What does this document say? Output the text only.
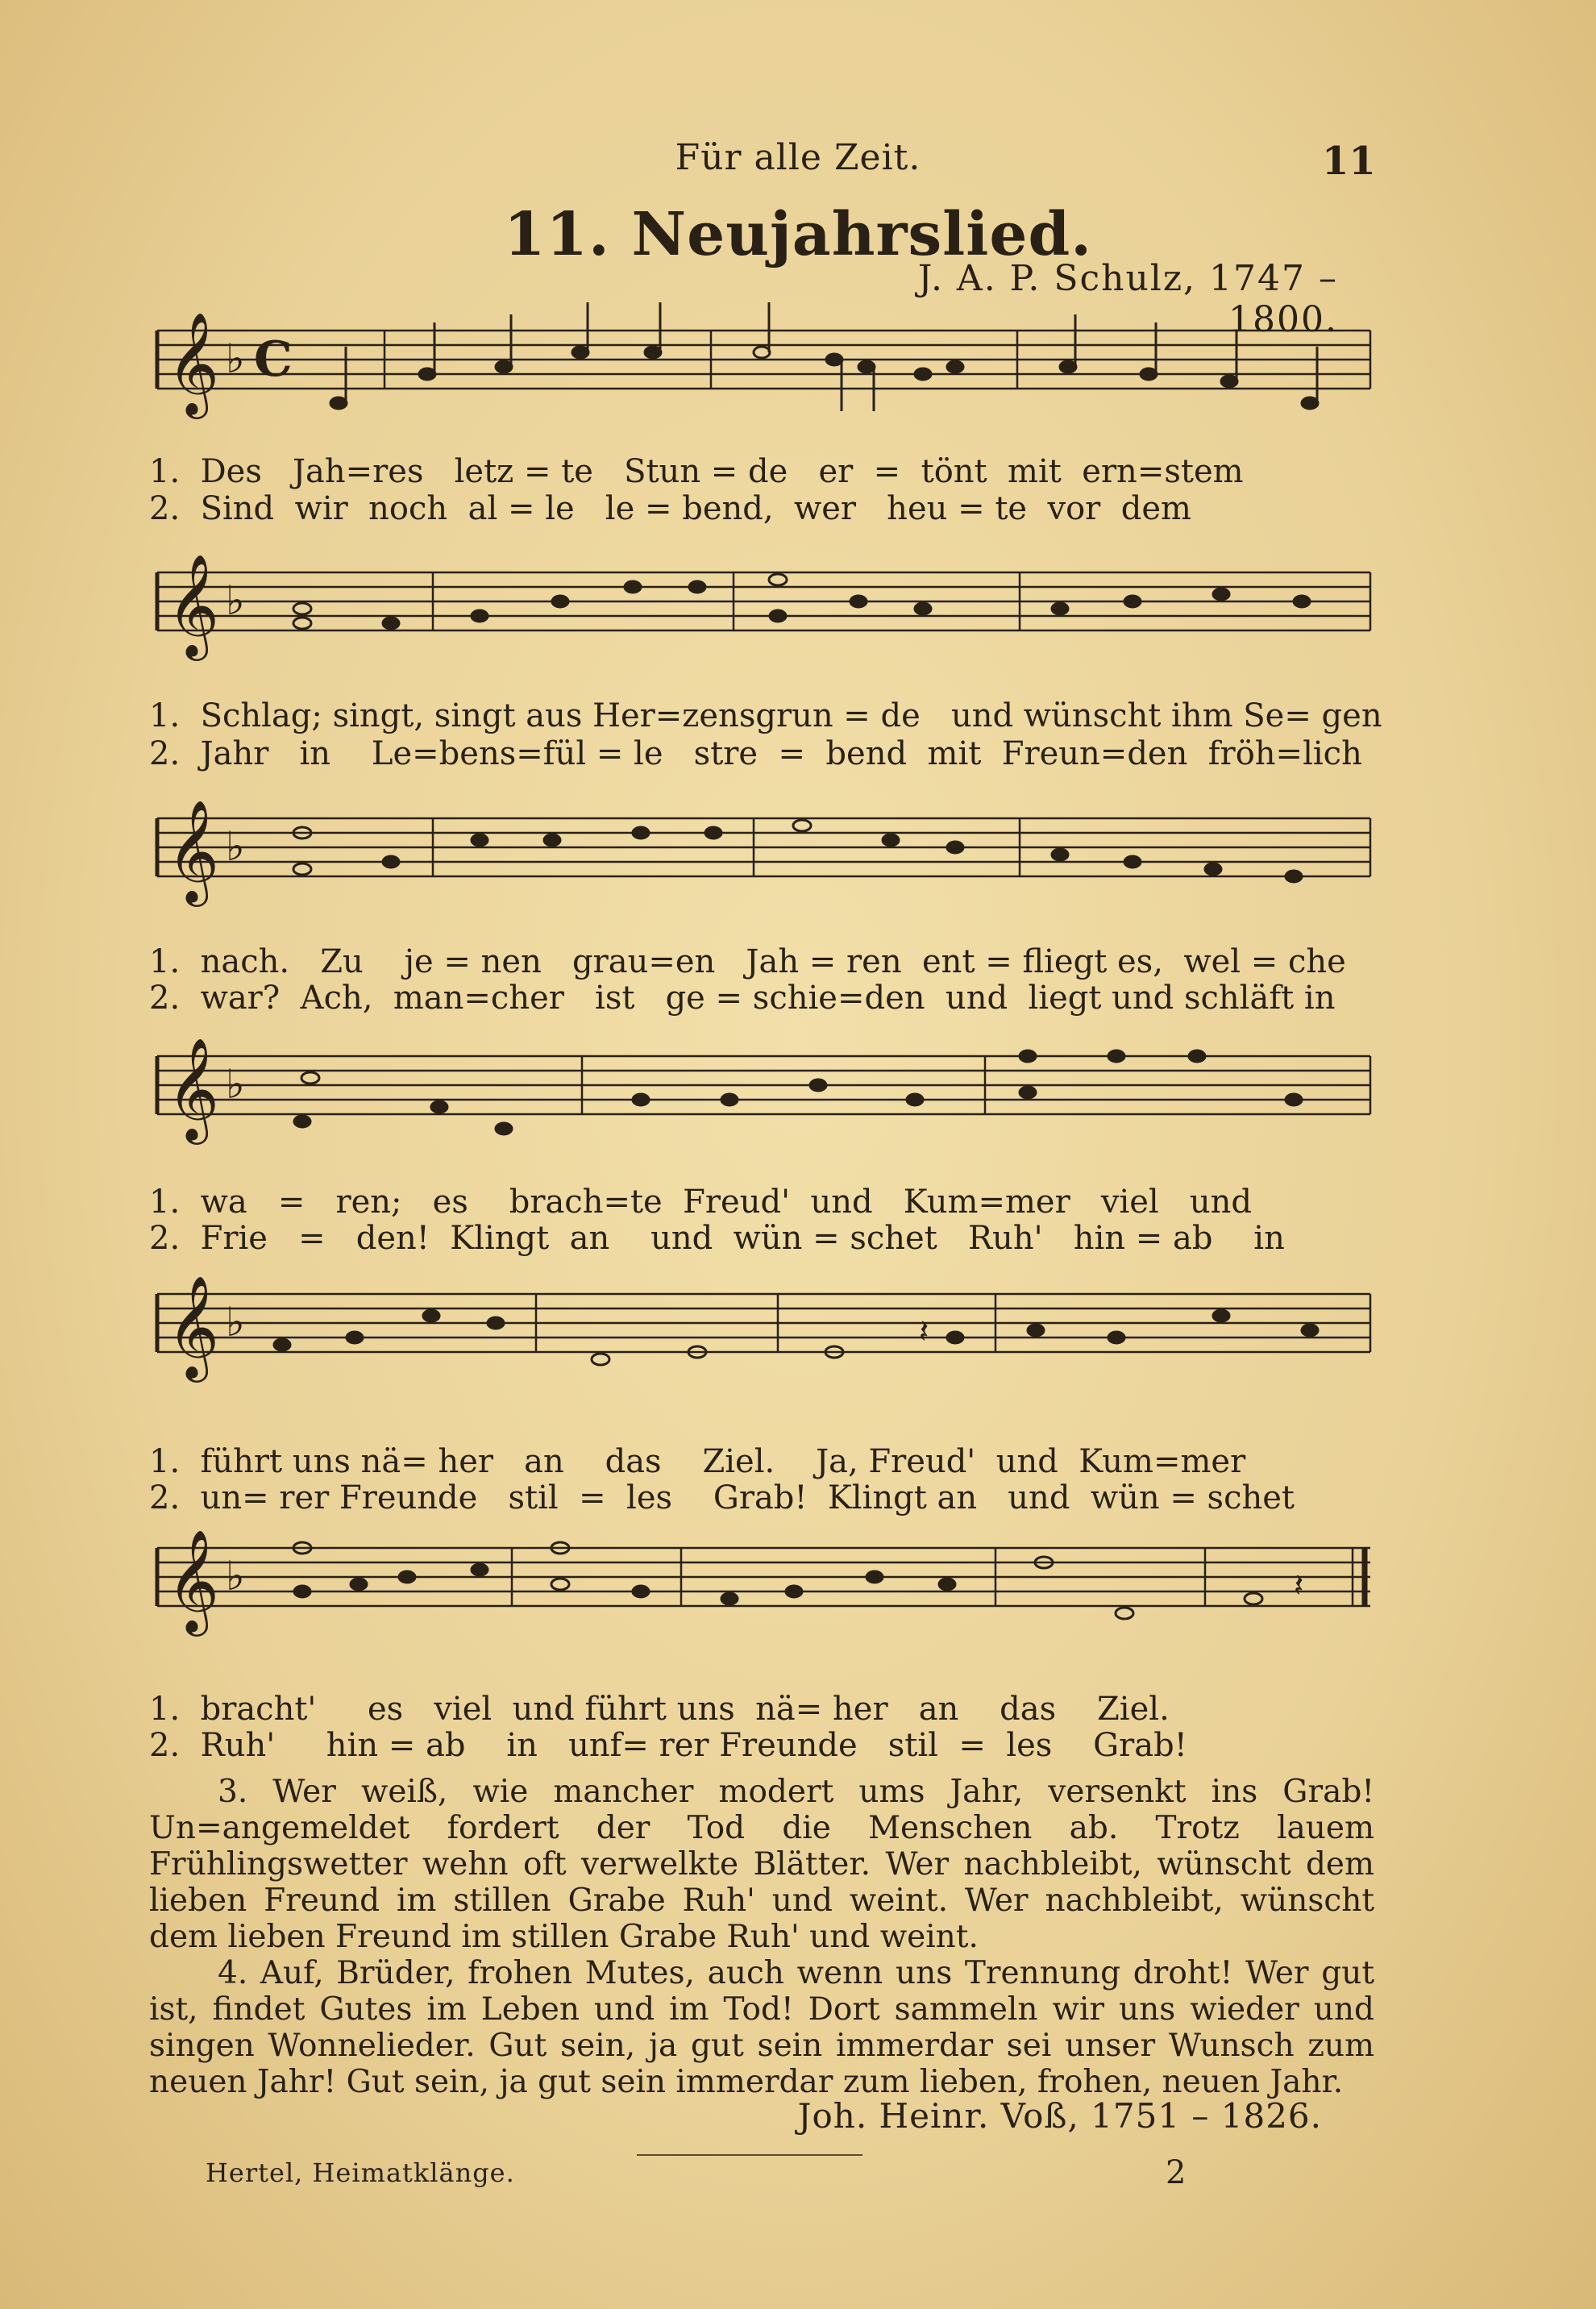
Für alle Zeit.	11
11. Neujahrslied.
J. A. P. Schulz, 1747 – 1800.
𝄞 ♭ C
1.  Des   Jah=res   letz = te   Stun = de   er  =  tönt  mit  ern=stem
2.  Sind  wir  noch  al = le   le = bend,  wer   heu = te  vor  dem
𝄞 ♭
1.  Schlag; singt, singt aus Her=zensgrun = de   und wünscht ihm Se= gen
2.  Jahr   in    Le=bens=fül = le   stre  =  bend  mit  Freun=den  fröh=lich
𝄞 ♭
1.  nach.   Zu    je = nen   grau=en   Jah = ren  ent = fliegt es,  wel = che
2.  war?  Ach,  man=cher   ist   ge = schie=den  und  liegt und schläft in
𝄞 ♭
1.  wa   =   ren;   es    brach=te  Freud'  und   Kum=mer   viel   und
2.  Frie   =   den!  Klingt  an    und  wün = schet   Ruh'   hin = ab    in
𝄞 ♭	𝄽
1.  führt uns nä= her   an    das    Ziel.    Ja, Freud'  und  Kum=mer
2.  un= rer Freunde   stil  =  les    Grab!  Klingt an   und  wün = schet
𝄞 ♭	𝄽
1.  bracht'     es   viel  und führt uns  nä= her   an    das    Ziel.
2.  Ruh'     hin = ab    in   unf= rer Freunde   stil  =  les    Grab!

3. Wer weiß, wie mancher modert ums Jahr, versenkt ins Grab! Un=angemeldet fordert der Tod die Menschen ab. Trotz lauem Frühlingswetter wehn oft verwelkte Blätter. Wer nachbleibt, wünscht dem lieben Freund im stillen Grabe Ruh' und weint. Wer nachbleibt, wünscht dem lieben Freund im stillen Grabe Ruh' und weint.

4. Auf, Brüder, frohen Mutes, auch wenn uns Trennung droht! Wer gut ist, findet Gutes im Leben und im Tod! Dort sammeln wir uns wieder und singen Wonnelieder. Gut sein, ja gut sein immerdar sei unser Wunsch zum neuen Jahr! Gut sein, ja gut sein immerdar zum lieben, frohen, neuen Jahr.

Joh. Heinr. Voß, 1751 – 1826.
Hertel, Heimatklänge.	2
